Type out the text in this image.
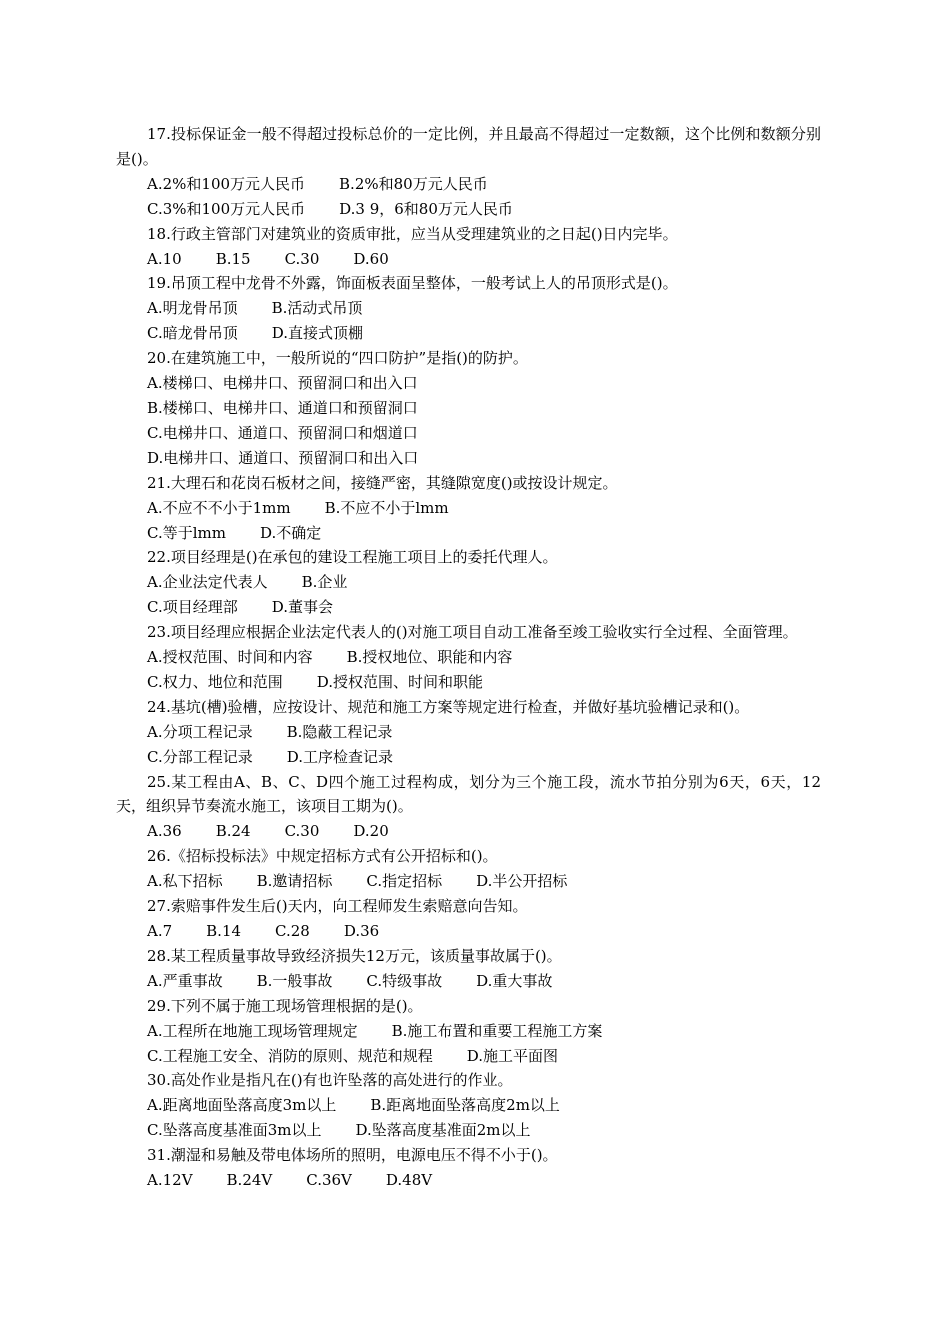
17.投标保证金一般不得超过投标总价的一定比例，并且最高不得超过一定数额，这个比例和数额分别是()。
A.2%和100万元人民币 B.2%和80万元人民币
C.3%和100万元人民币 D.3 9，6和80万元人民币
18.行政主管部门对建筑业的资质审批，应当从受理建筑业的之日起()日内完毕。
A.10 B.15 C.30 D.60
19.吊顶工程中龙骨不外露，饰面板表面呈整体，一般考试上人的吊顶形式是()。
A.明龙骨吊顶 B.活动式吊顶
C.暗龙骨吊顶 D.直接式顶棚
20.在建筑施工中，一般所说的“四口防护”是指()的防护。
A.楼梯口、电梯井口、预留洞口和出入口
B.楼梯口、电梯井口、通道口和预留洞口
C.电梯井口、通道口、预留洞口和烟道口
D.电梯井口、通道口、预留洞口和出入口
21.大理石和花岗石板材之间，接缝严密，其缝隙宽度()或按设计规定。
A.不应不不小于1mm B.不应不小于lmm
C.等于lmm D.不确定
22.项目经理是()在承包的建设工程施工项目上的委托代理人。
A.企业法定代表人 B.企业
C.项目经理部 D.董事会
23.项目经理应根据企业法定代表人的()对施工项目自动工准备至竣工验收实行全过程、全面管理。
A.授权范围、时间和内容 B.授权地位、职能和内容
C.权力、地位和范围 D.授权范围、时间和职能
24.基坑(槽)验槽，应按设计、规范和施工方案等规定进行检查，并做好基坑验槽记录和()。
A.分项工程记录 B.隐蔽工程记录
C.分部工程记录 D.工序检查记录
25.某工程由A、B、C、D四个施工过程构成，划分为三个施工段，流水节拍分别为6天，6天，12天，组织异节奏流水施工，该项目工期为()。
A.36 B.24 C.30 D.20
26.《招标投标法》中规定招标方式有公开招标和()。
A.私下招标 B.邀请招标 C.指定招标 D.半公开招标
27.索赔事件发生后()天内，向工程师发生索赔意向告知。
A.7 B.14 C.28 D.36
28.某工程质量事故导致经济损失12万元，该质量事故属于()。
A.严重事故 B.一般事故 C.特级事故 D.重大事故
29.下列不属于施工现场管理根据的是()。
A.工程所在地施工现场管理规定 B.施工布置和重要工程施工方案
C.工程施工安全、消防的原则、规范和规程 D.施工平面图
30.高处作业是指凡在()有也许坠落的高处进行的作业。
A.距离地面坠落高度3m以上 B.距离地面坠落高度2m以上
C.坠落高度基准面3m以上 D.坠落高度基准面2m以上
31.潮湿和易触及带电体场所的照明，电源电压不得不小于()。
A.12V B.24V C.36V D.48V
